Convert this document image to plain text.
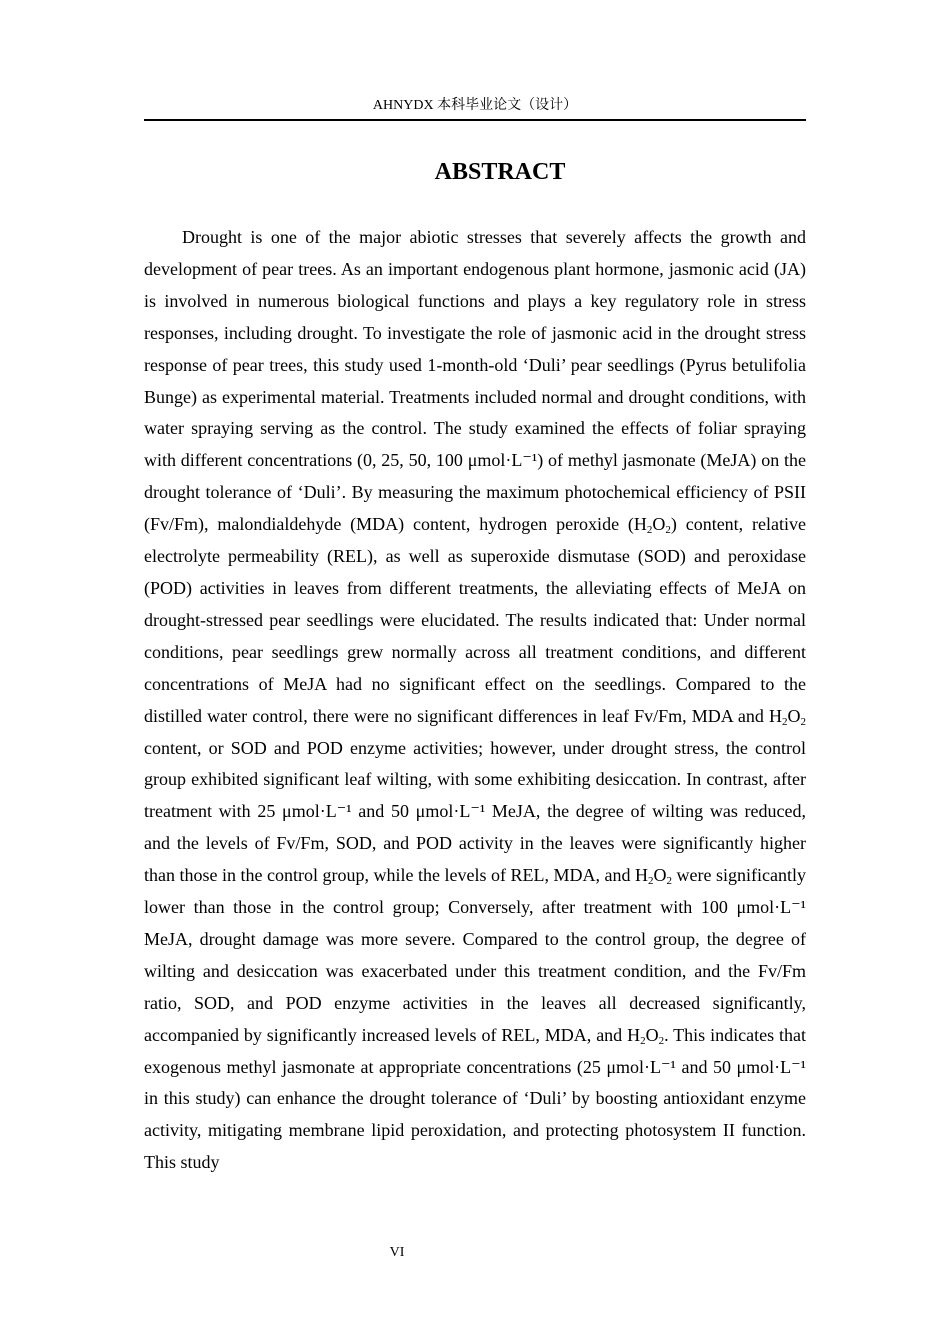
AHNYDX 本科毕业论文（设计）
ABSTRACT

Drought is one of the major abiotic stresses that severely affects the growth and development of pear trees. As an important endogenous plant hormone, jasmonic acid (JA) is involved in numerous biological functions and plays a key regulatory role in stress responses, including drought. To investigate the role of jasmonic acid in the drought stress response of pear trees, this study used 1-month-old ‘Duli’ pear seedlings (Pyrus betulifolia Bunge) as experimental material. Treatments included normal and drought conditions, with water spraying serving as the control. The study examined the effects of foliar spraying with different concentrations (0, 25, 50, 100 μmol·L⁻¹) of methyl jasmonate (MeJA) on the drought tolerance of ‘Duli’. By measuring the maximum photochemical efficiency of PSII (Fv/Fm), malondialdehyde (MDA) content, hydrogen peroxide $(H_2O_2)$ content, relative electrolyte permeability (REL), as well as superoxide dismutase (SOD) and peroxidase (POD) activities in leaves from different treatments, the alleviating effects of MeJA on drought-stressed pear seedlings were elucidated. The results indicated that: Under normal conditions, pear seedlings grew normally across all treatment conditions, and different concentrations of MeJA had no significant effect on the seedlings. Compared to the distilled water control, there were no significant differences in leaf Fv/Fm, MDA and $H_2O_2$ content, or SOD and POD enzyme activities; however, under drought stress, the control group exhibited significant leaf wilting, with some exhibiting desiccation. In contrast, after treatment with 25 μmol·L⁻¹ and 50 μmol·L⁻¹ MeJA, the degree of wilting was reduced, and the levels of Fv/Fm, SOD, and POD activity in the leaves were significantly higher than those in the control group, while the levels of REL, MDA, and $H_2O_2$ were significantly lower than those in the control group; Conversely, after treatment with 100 μmol·L⁻¹ MeJA, drought damage was more severe. Compared to the control group, the degree of wilting and desiccation was exacerbated under this treatment condition, and the Fv/Fm ratio, SOD, and POD enzyme activities in the leaves all decreased significantly, accompanied by significantly increased levels of REL, MDA, and $H_2O_2$. This indicates that exogenous methyl jasmonate at appropriate concentrations (25 μmol·L⁻¹ and 50 μmol·L⁻¹ in this study) can enhance the drought tolerance of ‘Duli’ by boosting antioxidant enzyme activity, mitigating membrane lipid peroxidation, and protecting photosystem II function. This study

VI
